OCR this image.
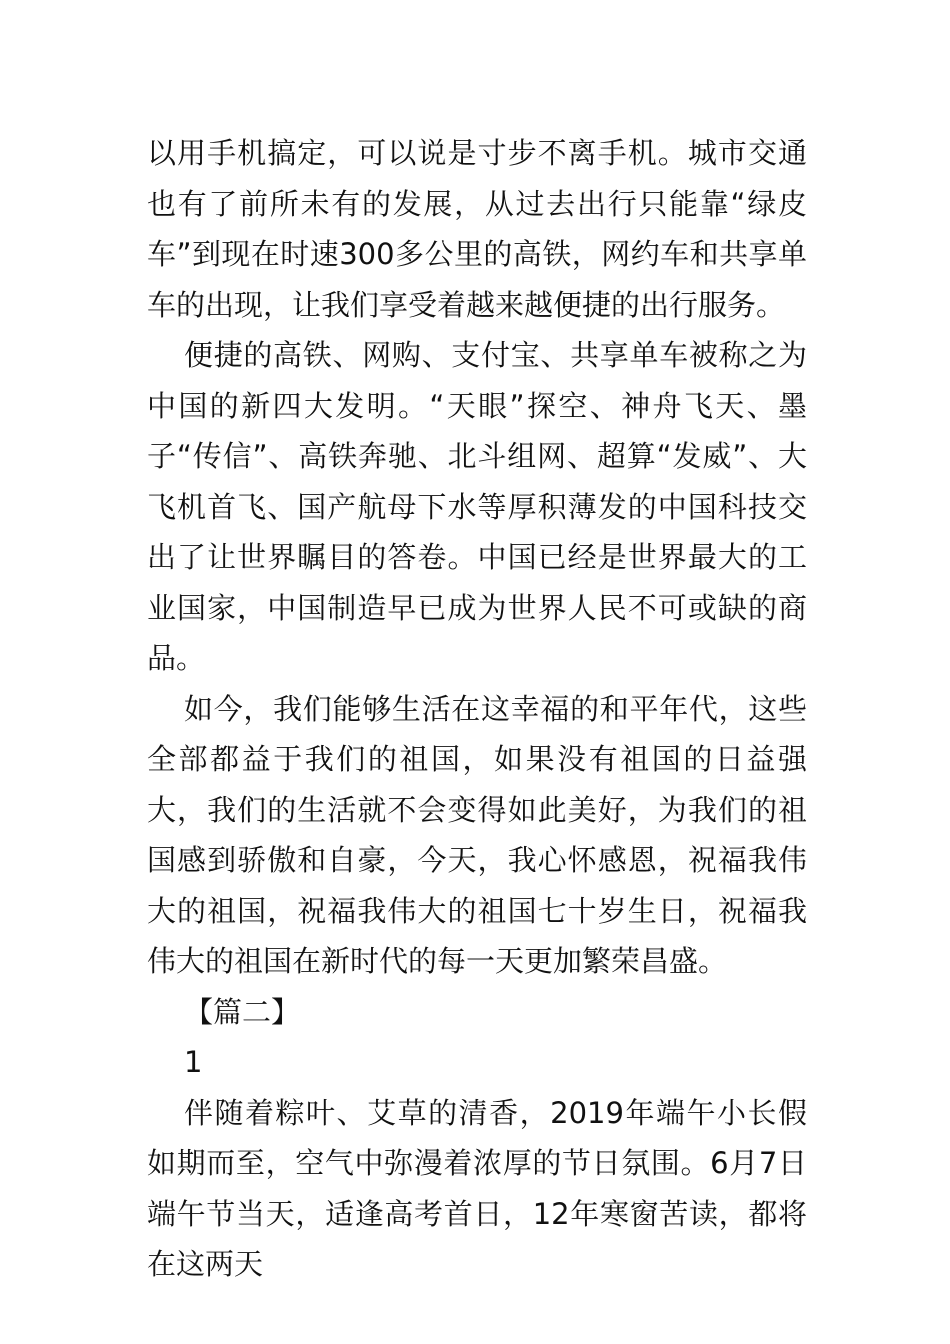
以用手机搞定，可以说是寸步不离手机。城市交通也有了前所未有的发展，从过去出行只能靠“绿皮车”到现在时速300多公里的高铁，网约车和共享单车的出现，让我们享受着越来越便捷的出行服务。

便捷的高铁、网购、支付宝、共享单车被称之为中国的新四大发明。“天眼”探空、神舟飞天、墨子“传信”、高铁奔驰、北斗组网、超算“发威”、大飞机首飞、国产航母下水等厚积薄发的中国科技交出了让世界瞩目的答卷。中国已经是世界最大的工业国家，中国制造早已成为世界人民不可或缺的商品。

如今，我们能够生活在这幸福的和平年代，这些全部都益于我们的祖国，如果没有祖国的日益强大，我们的生活就不会变得如此美好，为我们的祖国感到骄傲和自豪，今天，我心怀感恩，祝福我伟大的祖国，祝福我伟大的祖国七十岁生日，祝福我伟大的祖国在新时代的每一天更加繁荣昌盛。

【篇二】

1

伴随着粽叶、艾草的清香，2019年端午小长假如期而至，空气中弥漫着浓厚的节日氛围。6月7日端午节当天，适逢高考首日，12年寒窗苦读，都将在这两天
